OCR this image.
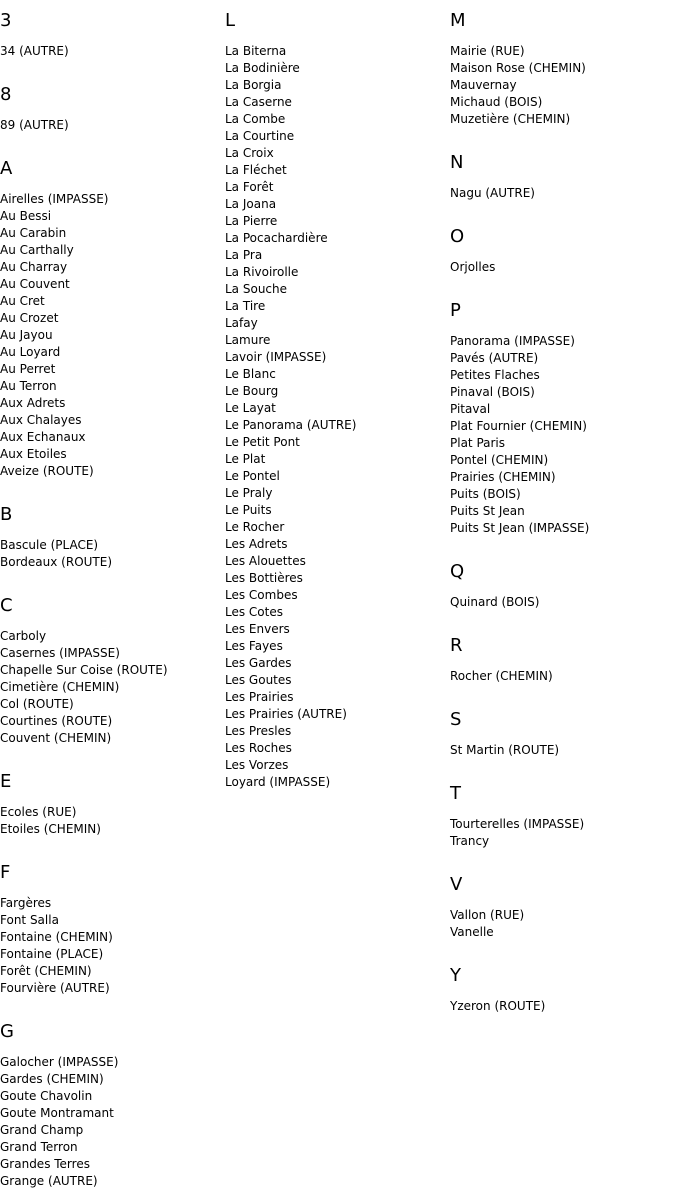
3
34 (AUTRE)
8
89 (AUTRE)
A
Airelles (IMPASSE)
Au Bessi
Au Carabin
Au Carthally
Au Charray
Au Couvent
Au Cret
Au Crozet
Au Jayou
Au Loyard
Au Perret
Au Terron
Aux Adrets
Aux Chalayes
Aux Echanaux
Aux Etoiles
Aveize (ROUTE)
B
Bascule (PLACE)
Bordeaux (ROUTE)
C
Carboly
Casernes (IMPASSE)
Chapelle Sur Coise (ROUTE)
Cimetière (CHEMIN)
Col (ROUTE)
Courtines (ROUTE)
Couvent (CHEMIN)
E
Ecoles (RUE)
Etoiles (CHEMIN)
F
Fargères
Font Salla
Fontaine (CHEMIN)
Fontaine (PLACE)
Forêt (CHEMIN)
Fourvière (AUTRE)
G
Galocher (IMPASSE)
Gardes (CHEMIN)
Goute Chavolin
Goute Montramant
Grand Champ
Grand Terron
Grandes Terres
Grange (AUTRE)
L
La Biterna
La Bodinière
La Borgia
La Caserne
La Combe
La Courtine
La Croix
La Fléchet
La Forêt
La Joana
La Pierre
La Pocachardière
La Pra
La Rivoirolle
La Souche
La Tire
Lafay
Lamure
Lavoir (IMPASSE)
Le Blanc
Le Bourg
Le Layat
Le Panorama (AUTRE)
Le Petit Pont
Le Plat
Le Pontel
Le Praly
Le Puits
Le Rocher
Les Adrets
Les Alouettes
Les Bottières
Les Combes
Les Cotes
Les Envers
Les Fayes
Les Gardes
Les Goutes
Les Prairies
Les Prairies (AUTRE)
Les Presles
Les Roches
Les Vorzes
Loyard (IMPASSE)
M
Mairie (RUE)
Maison Rose (CHEMIN)
Mauvernay
Michaud (BOIS)
Muzetière (CHEMIN)
N
Nagu (AUTRE)
O
Orjolles
P
Panorama (IMPASSE)
Pavés (AUTRE)
Petites Flaches
Pinaval (BOIS)
Pitaval
Plat Fournier (CHEMIN)
Plat Paris
Pontel (CHEMIN)
Prairies (CHEMIN)
Puits (BOIS)
Puits St Jean
Puits St Jean (IMPASSE)
Q
Quinard (BOIS)
R
Rocher (CHEMIN)
S
St Martin (ROUTE)
T
Tourterelles (IMPASSE)
Trancy
V
Vallon (RUE)
Vanelle
Y
Yzeron (ROUTE)
